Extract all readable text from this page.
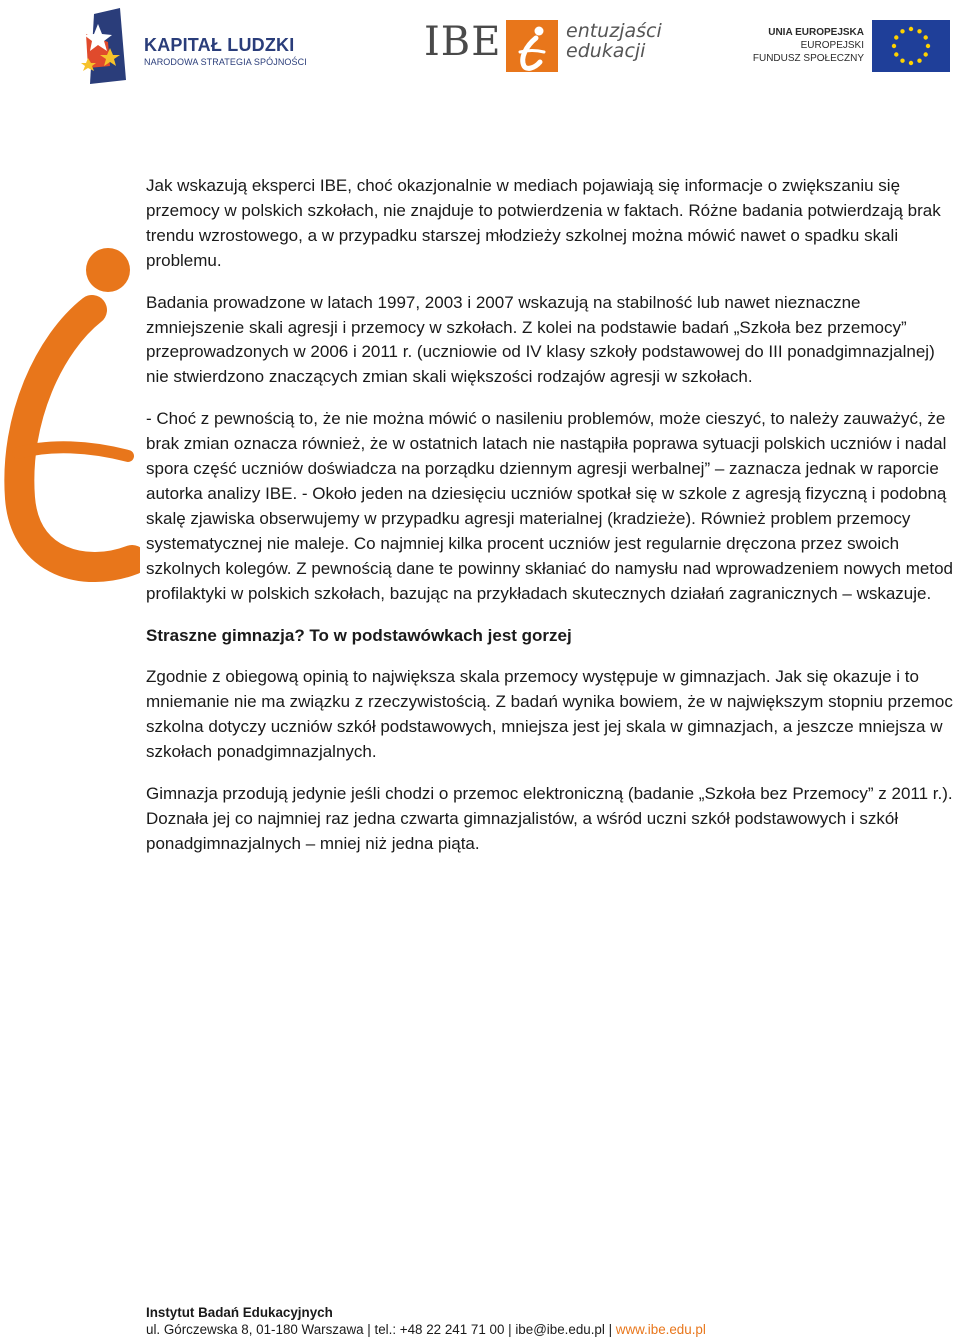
KAPITAŁ LUDZKI
NARODOWA STRATEGIA SPÓJNOŚCI	IBE	entuzjaści
edukacji
UNIA EUROPEJSKA
EUROPEJSKI
FUNDUSZ SPOŁECZNY

Jak wskazują eksperci IBE, choć okazjonalnie w mediach pojawiają się informacje o zwiększaniu się przemocy w polskich szkołach, nie znajduje to potwierdzenia w faktach. Różne badania potwierdzają brak trendu wzrostowego, a w przypadku starszej młodzieży szkolnej można mówić nawet o spadku skali problemu.

Badania prowadzone w latach 1997, 2003 i 2007 wskazują na stabilność lub nawet nieznaczne zmniejszenie skali agresji i przemocy w szkołach. Z kolei na podstawie badań „Szkoła bez przemocy” przeprowadzonych w 2006 i 2011 r. (uczniowie od IV klasy szkoły podstawowej do III ponadgimnazjalnej) nie stwierdzono znaczących zmian skali większości rodzajów agresji w szkołach.

- Choć z pewnością to, że nie można mówić o nasileniu problemów, może cieszyć, to należy zauważyć, że brak zmian oznacza również, że w ostatnich latach nie nastąpiła poprawa sytuacji polskich uczniów i nadal spora część uczniów doświadcza na porządku dziennym agresji werbalnej” – zaznacza jednak w raporcie autorka analizy IBE. - Około jeden na dziesięciu uczniów spotkał się w szkole z agresją fizyczną i podobną skalę zjawiska obserwujemy w przypadku agresji materialnej (kradzieże). Również problem przemocy systematycznej nie maleje. Co najmniej kilka procent uczniów jest regularnie dręczona przez swoich szkolnych kolegów. Z pewnością dane te powinny skłaniać do namysłu nad wprowadzeniem nowych metod profilaktyki w polskich szkołach, bazując na przykładach skutecznych działań zagranicznych – wskazuje.

Straszne gimnazja? To w podstawówkach jest gorzej

Zgodnie z obiegową opinią to największa skala przemocy występuje w gimnazjach. Jak się okazuje i to mniemanie nie ma związku z rzeczywistością. Z badań wynika bowiem, że w największym stopniu przemoc szkolna dotyczy uczniów szkół podstawowych, mniejsza jest jej skala w gimnazjach, a jeszcze mniejsza w szkołach ponadgimnazjalnych.

Gimnazja przodują jedynie jeśli chodzi o przemoc elektroniczną (badanie „Szkoła bez Przemocy” z 2011 r.). Doznała jej co najmniej raz jedna czwarta gimnazjalistów, a wśród uczni szkół podstawowych i szkół ponadgimnazjalnych – mniej niż jedna piąta.

Instytut Badań Edukacyjnych
ul. Górczewska 8, 01-180 Warszawa | tel.: +48 22 241 71 00 | ibe@ibe.edu.pl | www.ibe.edu.pl
